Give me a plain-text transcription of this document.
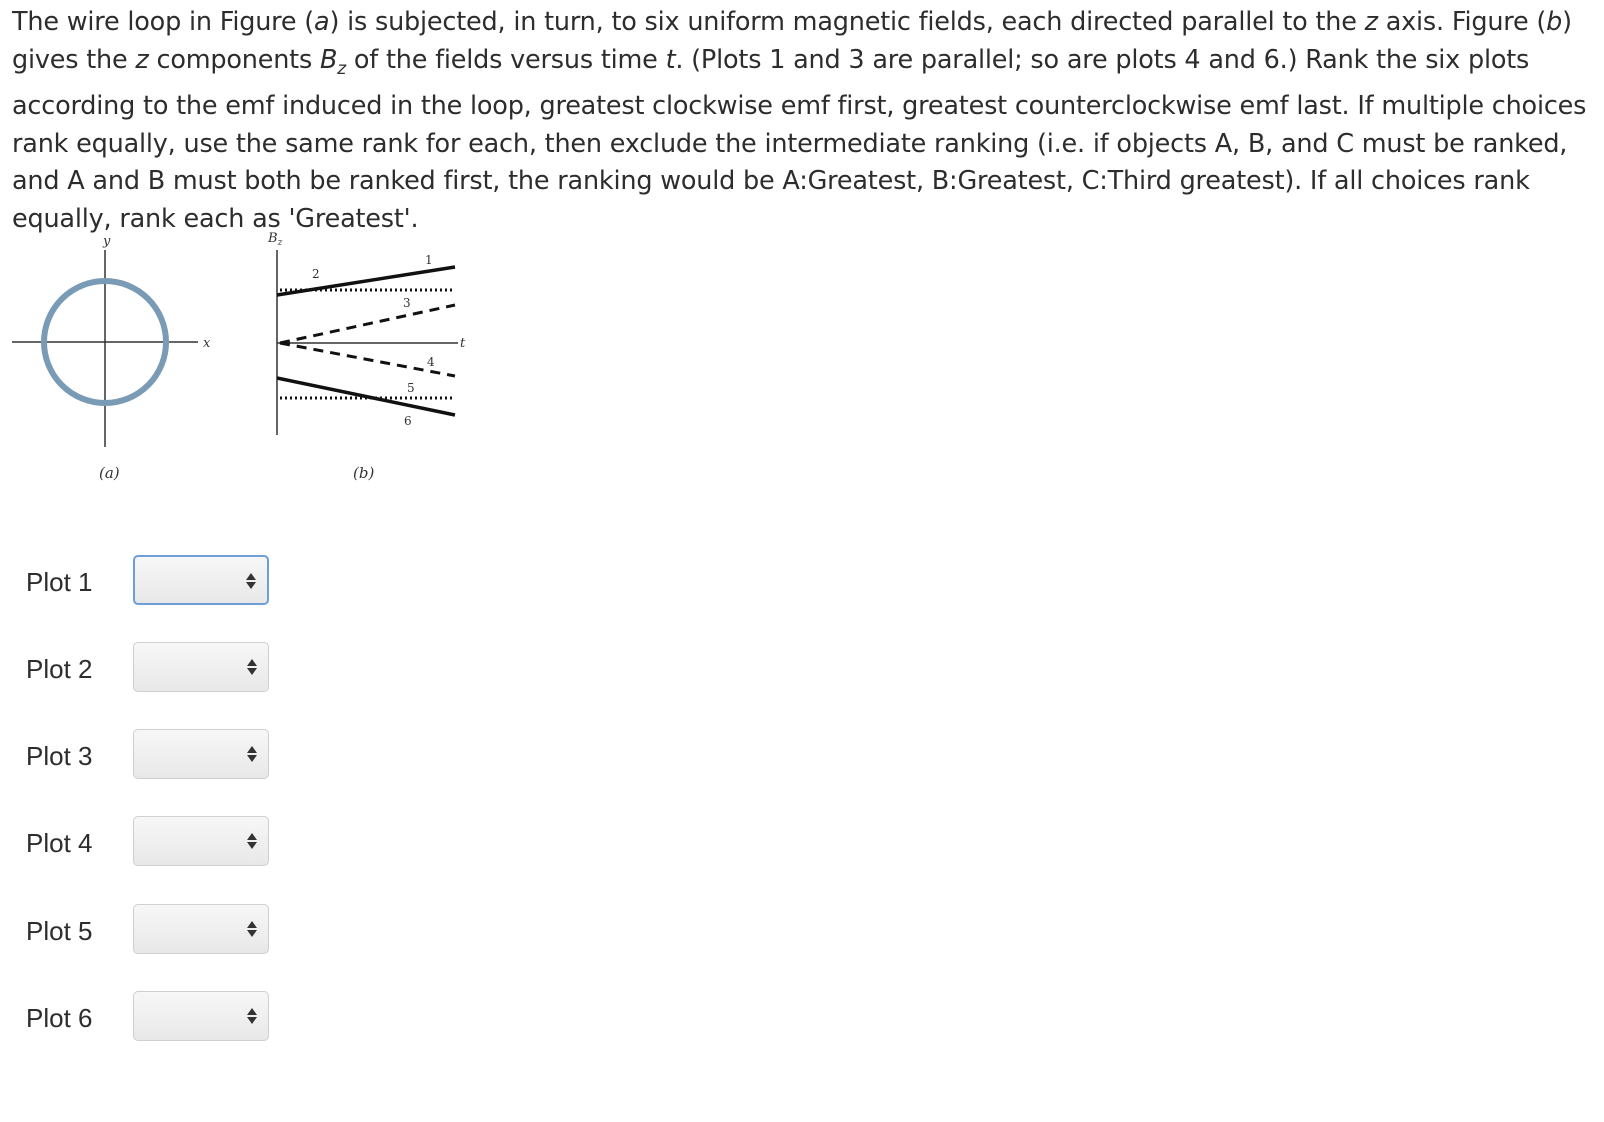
The wire loop in Figure (a) is subjected, in turn, to six uniform magnetic fields, each directed parallel to the z axis. Figure (b) gives the z components $B_z$ of the fields versus time t. (Plots 1 and 3 are parallel; so are plots 4 and 6.) Rank the six plots according to the emf induced in the loop, greatest clockwise emf first, greatest counterclockwise emf last. If multiple choices rank equally, use the same rank for each, then exclude the intermediate ranking (i.e. if objects A, B, and C must be ranked, and A and B must both be ranked first, the ranking would be A:Greatest, B:Greatest, C:Third greatest). If all choices rank equally, rank each as 'Greatest'.

y
x
(a)
$B_z$
t
1
2
3
4
5
6
(b)
Plot 1
Plot 2
Plot 3
Plot 4
Plot 5
Plot 6
